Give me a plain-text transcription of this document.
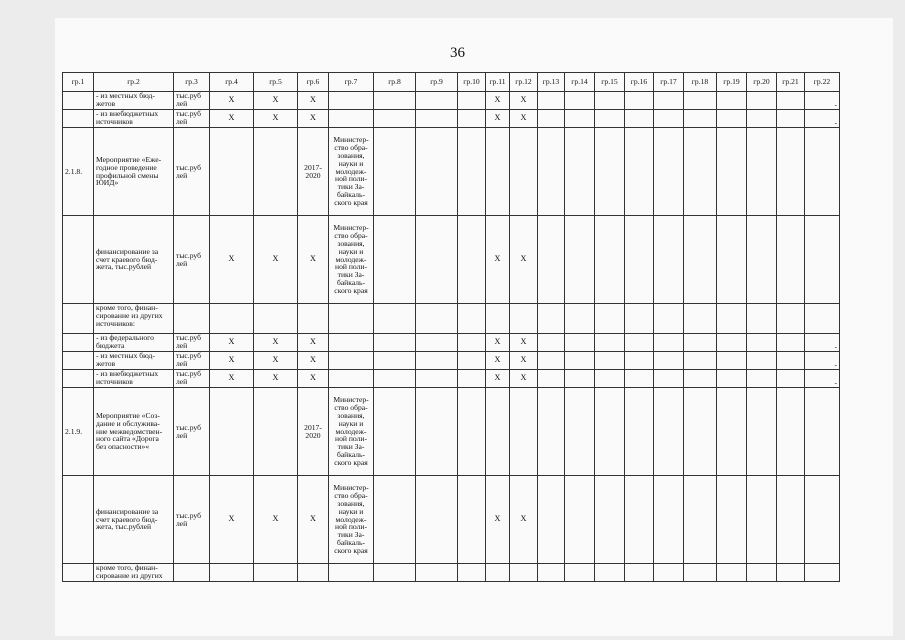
36
гр.1	гр.2	гр.3	гр.4	гр.5	гр.6	гр.7	гр.8	гр.9	гр.10	гр.11	гр.12	гр.13	гр.14	гр.15	гр.16	гр.17	гр.18	гр.19	гр.20	гр.21	гр.22
	- из местных бюд-жетов	тыс.руб лей	X	X	X					X	X										-
	- из внебюджетных источников	тыс.руб лей	X	X	X					X	X										-
2.1.8.	Мероприятие «Еже-годное проведение профильной смены ЮИД»	тыс.руб лей			2017-2020	Министер-ство обра-зования, науки и молодеж-ной поли-тики За-байкаль-ского края															
	финансирование за счет краевого бюд-жета, тыс.рублей	тыс.руб лей	X	X	X	Министер-ство обра-зования, науки и молодеж-ной поли-тики За-байкаль-ского края				X	X										
	кроме того, финан-сирование из других источников:																				
	- из федерального бюджета	тыс.руб лей	X	X	X					X	X										-
	- из местных бюд-жетов	тыс.руб лей	X	X	X					X	X										-
	- из внебюджетных источников	тыс.руб лей	X	X	X					X	X										-
2.1.9.	Мероприятие «Соз-дание и обслужива-ние межведомствен-ного сайта «Дорога без опасности»«	тыс.руб лей			2017-2020	Министер-ство обра-зования, науки и молодеж-ной поли-тики За-байкаль-ского края															
	финансирование за счет краевого бюд-жета, тыс.рублей	тыс.руб лей	X	X	X	Министер-ство обра-зования, науки и молодеж-ной поли-тики За-байкаль-ского края				X	X										
	кроме того, финан-сирование из других																				
